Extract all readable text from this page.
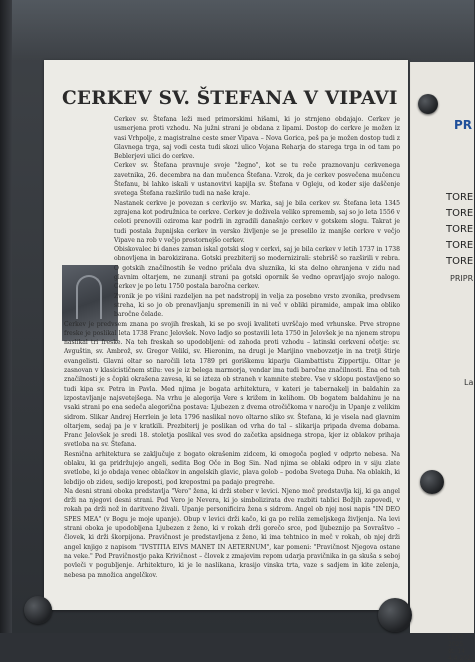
PR
TORE
TORE
TORE
TORE
TORE
PRIPR
La
LETO 2025
št. 14
4.4.2025
CERKEV SV. ŠTEFANA V VIPAVI

Cerkev sv. Štefana leži med primorskimi hišami, ki jo strnjeno obdajajo. Cerkev je usmerjena proti vzhodu. Na južni strani je obdana z lipami. Dostop do cerkve je možen iz vasi Vrhpolje, z magistralne ceste smer Vipava – Nova Gorica, peš pa je možen dostop tudi z Glavnega trga, saj vodi cesta tudi skozi ulico Vojana Reharja do starega trga in od tam po Beblerjevi ulici do cerkve.

Cerkev sv. Štefana pravnuje svoje "žegno", kot se tu reče praznovanju cerkvenega zavetnika, 26. decembra na dan mučenca Štefana. Vzrok, da je cerkev posvečena mučencu Štefanu, bi lahko iskali v ustanovitvi kapijla sv. Štefana v Ogleju, od koder sije daščenje svetega Štefana razširilo tudi na naše kraje.

Nastanek cerkve je povezan s cerkvijo sv. Marka, saj je bila cerkev sv. Štefana leta 1345 zgrajena kot podružnica te cerkve. Cerkev je doživela veliko sprememb, saj so jo leta 1556 v celoti prenovili oziroma kar podrli in zgradili današnjo cerkev v gotskem slogu. Takrat je tudi postala župnijska cerkev in versko življenje se je preselilo iz manjše cerkve v večjo Vipave na rob v večjo prostornejšo cerkev.

Obiskovalec bi danes zaman iskal gotski slog v cerkvi, saj je bila cerkev v letih 1737 in 1738 obnovljena in barokizirana. Gotski prezbiterij so modernizirali: stebrišč so razširili v rebra. O gotskih značilnostih še vedno pričala dva sluznika, ki sta delno ohranjena v zidu nad glavnim oltarjem, ne zunanji strani pa gotski opornik še vedno opravljajo svojo nalogo. Cerkev je po letu 1750 postala baročna cerkev.

Zvonik je po višini razdeljen na pet nadstropij in velja za posebno vrsto zvonika, predvsem streha, ki so jo ob prenavljanju spremenili in ni več v obliki piramide, ampak ima obliko baročne čelade.

Cerkev je predvsem znana po svojih freskah, ki se po svoji kvaliteti uvrščajo med vrhunske. Prve stropne freske je poslikal leta 1738 Franc Jelovšek. Novo ladjo so postavili leta 1750 in Jelovšek je na njenem stropu naslikal tri freske. Na teh freskah so upodobljeni: od zahoda proti vzhodu – latinski cerkveni očetje: sv. Avguštin, sv. Ambrož, sv. Gregor Veliki, sv. Hieronim, na drugi je Marijino vnebovzetje in na tretji štirje evangelisti. Glavni oltar so naročili leta 1789 pri goriškemu kiparju Giambattistu Zippertiju. Oltar je zasnovan v klasicističnem stilu: ves je iz belega marmorja, vendar ima tudi baročne značilnosti. Ena od teh značilnosti je s čopki okrašena zavesa, ki se izteza ob straneh v kamnite stebre. Vse v sklopu postavljeno so tudi kipa sv. Petra in Pavla. Med njima je bogata arhitektura, v kateri je tabernakelj in baldahin za izpostavljanje najsvetejšega. Na vrhu je alegorija Vere s križem in kelihom. Ob bogatem baldahinu je na vsaki strani po ena sedeča alegorična postava: Ljubezen z dvema otročičkoma v naročju in Upanje z velikim sidrom. Slikar Andrej Herrlein je leta 1796 naslikal novo oltarno sliko sv. Štefana, ki je visela nad glavnim oltarjem, sedaj pa je v kratkili. Prezbiterij je poslikan od vrha do tal – slikarija pripada dvema dobama. Franc Jelovšek je sredi 18. stoletja poslikal ves svod do začetka apsidnega stropa, kjer iz oblakov prihaja svetloba na sv. Štefana.

Resnična arhitektura se zaključuje z bogato okrašenim zidcem, ki omogoča pogled v odprto nebesa. Na oblaku, ki ga pridržujejo angeli, sedita Bog Oče in Bog Sin. Nad njima se oblaki odpro in v siju zlate svetlobe, ki jo obdaja venec oblačkov in angelskih glavic, plava golob – podoba Svetega Duha. Na oblakih, ki lebdijo ob zideu, sedijo kreposti, pod krepostmi pa padajo pregrehe.

Na desni strani oboka predstavlja "Vero" žena, ki drži steber v levici. Njeno moč predstavlja kij, ki ga angel drži na njegovi desni strani. Pod Vero je Nevera, ki jo simbolizirata dve razbiti tablici Božjih zapovedi, v rokah pa drži nož in daritveno živali. Upanje personificira žena s sidrom. Angel ob njej nosi napis "IN DEO SPES MEA" (v Bogu je moje upanje). Obup v levici drži kačo, ki ga po relila zemeljskega življenja. Na levi strani oboka je upodobljena Ljubezen z ženo, ki v rokah drži gorečo srce, pod ljubeznijo pa Sovraštvo – človek, ki drži škorpijona. Pravičnost je predstavljena z ženo, ki ima tehtnico in meč v rokah, ob njej drži angel knjigo z napisom "IVSTITIA EIVS MANET IN AETERNUM", kar pomeni: "Pravičnost Njegova ostane na veke." Pod Pravičnostjo paka Krivičnost – človek z zmajevim repom udarja pravičnika in ga skuša s seboj povleči v pogubljenje. Arhitekturo, ki je le naslikana, krasijo vinska trta, vaze s sadjem in kite zelenja, nebesa pa množica angelčkov.
